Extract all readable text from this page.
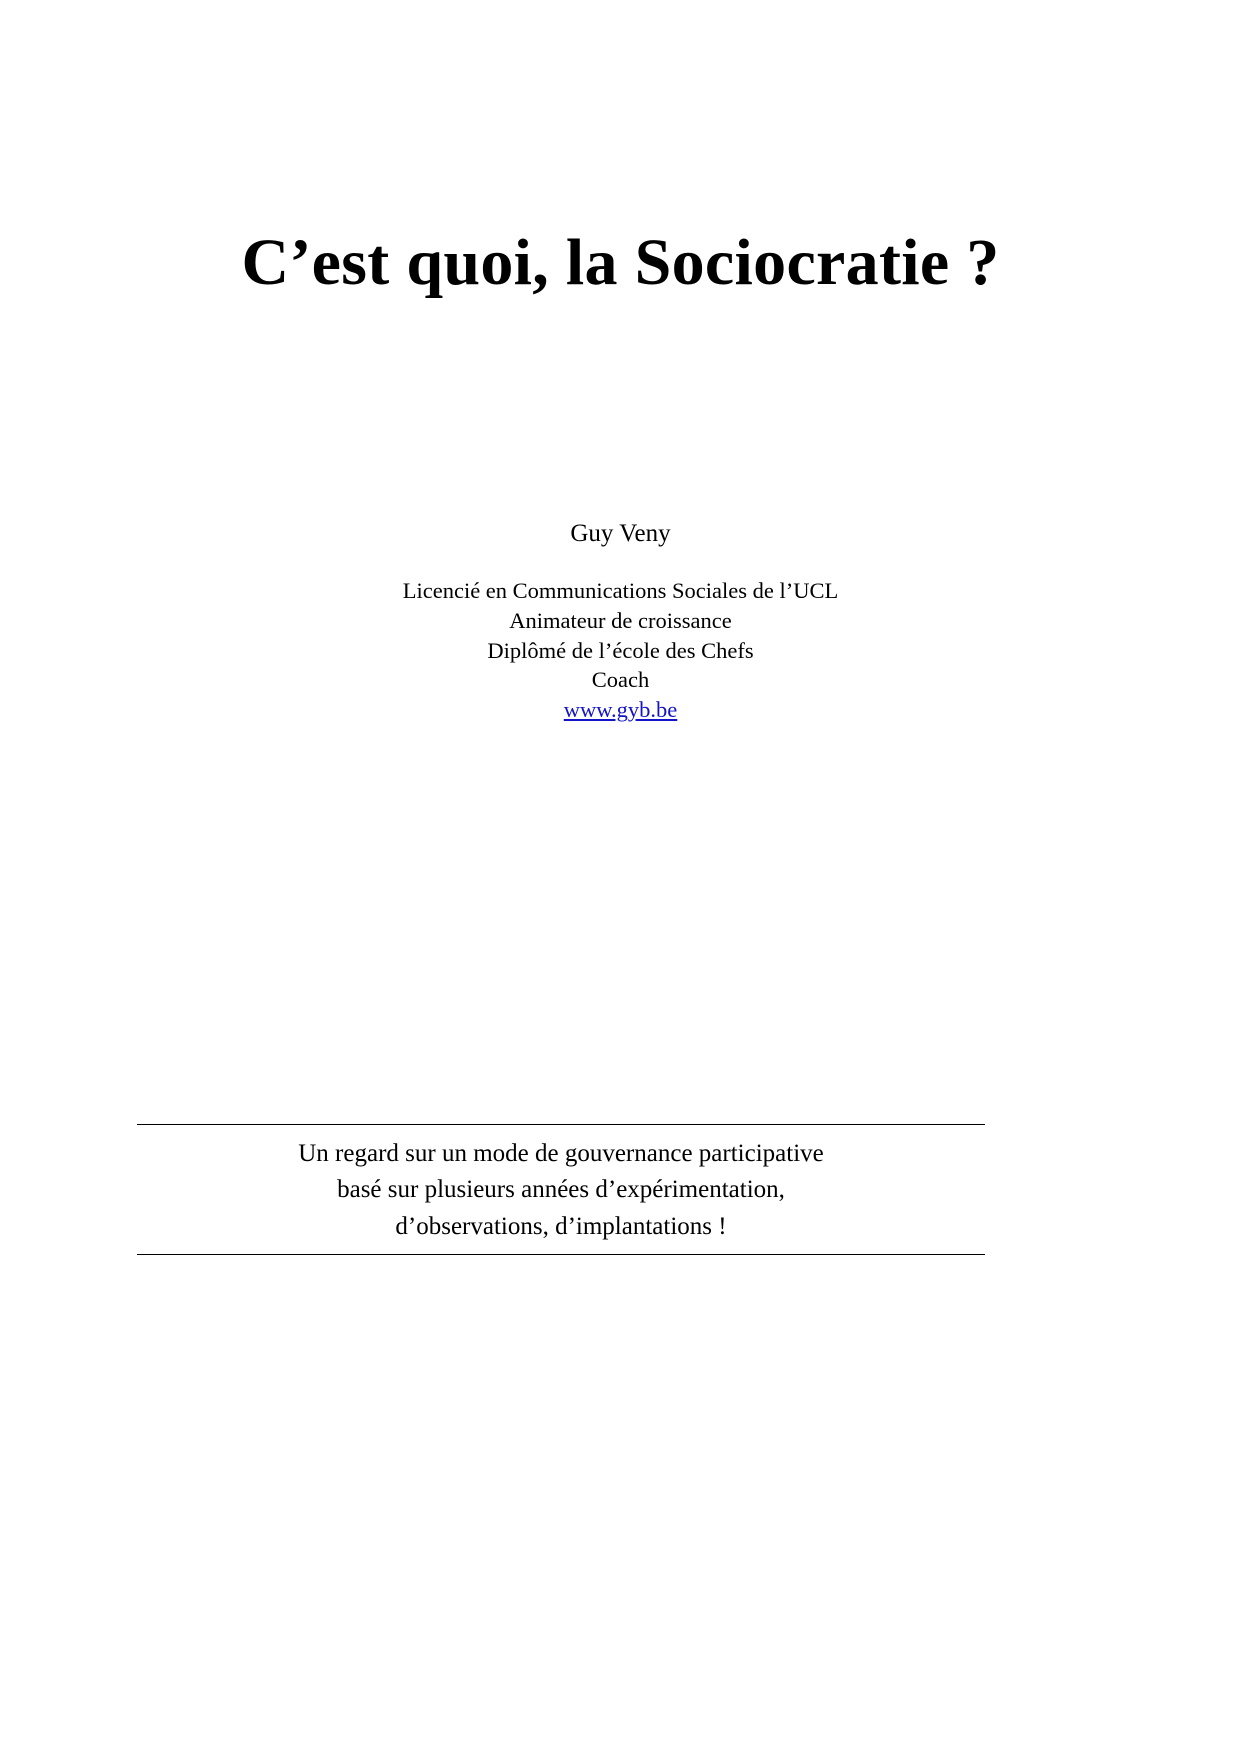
C’est quoi, la Sociocratie ?
Guy Veny
Licencié en Communications Sociales de l’UCL
Animateur de croissance
Diplômé de l’école des Chefs
Coach
www.gyb.be
Un regard sur un mode de gouvernance participative
basé sur plusieurs années d’expérimentation,
d’observations, d’implantations !
